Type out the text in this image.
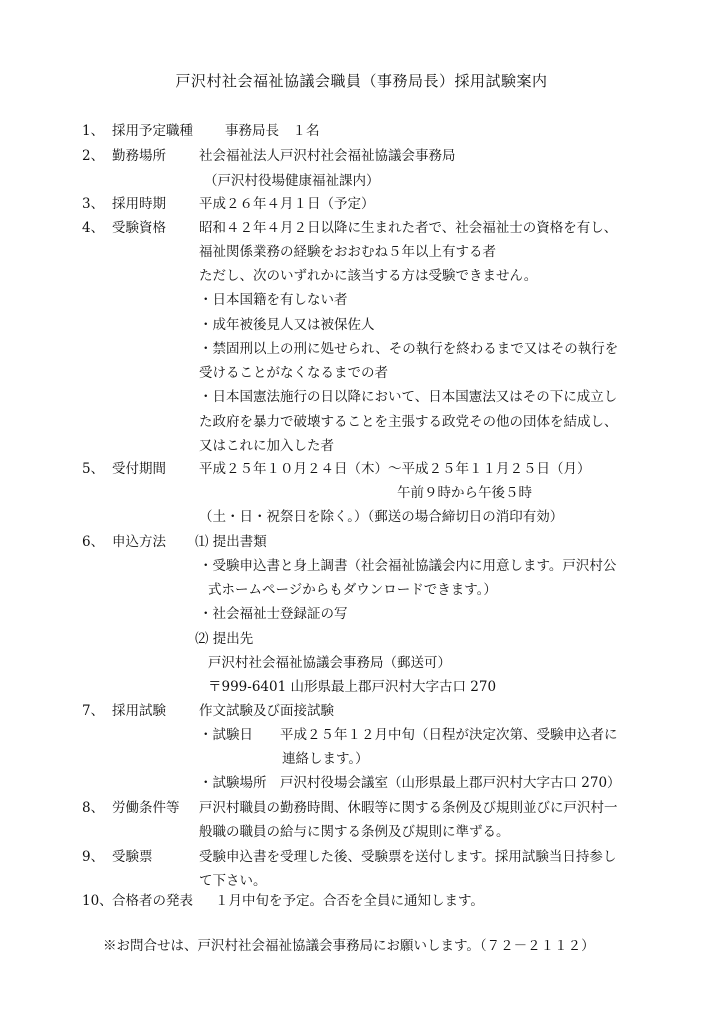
戸沢村社会福祉協議会職員（事務局長）採用試験案内
1、 採用予定職種 事務局長　１名
2、 勤務場所 社会福祉法人戸沢村社会福祉協議会事務局
（戸沢村役場健康福祉課内）
3、 採用時期 平成２６年４月１日（予定）
4、 受験資格 昭和４２年４月２日以降に生まれた者で、社会福祉士の資格を有し、
福祉関係業務の経験をおおむね５年以上有する者
ただし、次のいずれかに該当する方は受験できません。
・日本国籍を有しない者
・成年被後見人又は被保佐人
・禁固刑以上の刑に処せられ、その執行を終わるまで又はその執行を
受けることがなくなるまでの者
・日本国憲法施行の日以降において、日本国憲法又はその下に成立し
た政府を暴力で破壊することを主張する政党その他の団体を結成し、
又はこれに加入した者
5、 受付期間 平成２５年１０月２４日（木）～平成２５年１１月２５日（月）
午前９時から午後５時
（土・日・祝祭日を除く。）（郵送の場合締切日の消印有効）
6、 申込方法 ⑴ 提出書類
・受験申込書と身上調書（社会福祉協議会内に用意します。戸沢村公
式ホームページからもダウンロードできます。）
・社会福祉士登録証の写
⑵ 提出先
戸沢村社会福祉協議会事務局（郵送可）
〒999-6401 山形県最上郡戸沢村大字古口 270
7、 採用試験 作文試験及び面接試験
・試験日　　平成２５年１２月中旬（日程が決定次第、受験申込者に
連絡します。）
・試験場所　戸沢村役場会議室（山形県最上郡戸沢村大字古口 270）
8、 労働条件等 戸沢村職員の勤務時間、休暇等に関する条例及び規則並びに戸沢村一
般職の職員の給与に関する条例及び規則に準ずる。
9、 受験票	受験申込書を受理した後、受験票を送付します。採用試験当日持参し
て下さい。
10、 合格者の発表 １月中旬を予定。合否を全員に通知します。
※お問合せは、戸沢村社会福祉協議会事務局にお願いします。（７２－２１１２）
